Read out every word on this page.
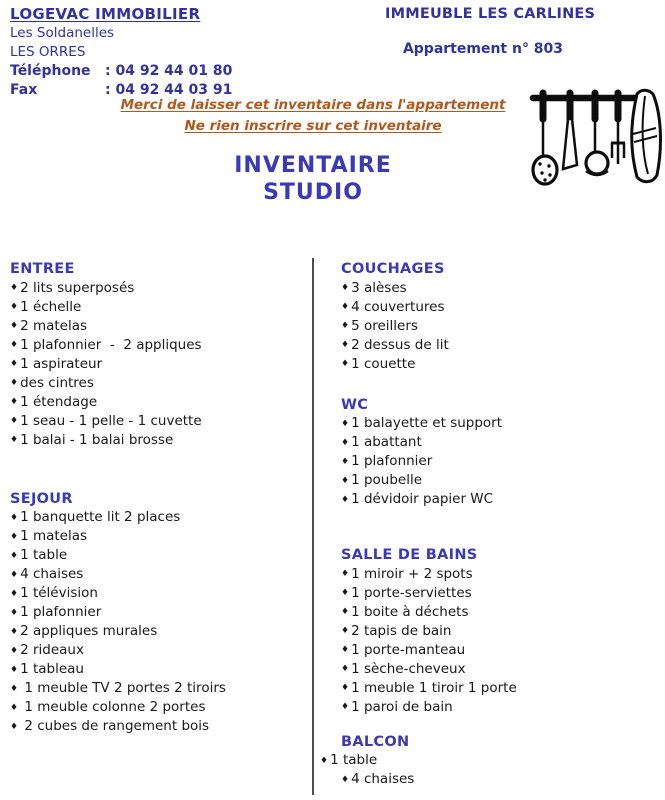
LOGEVAC IMMOBILIER
Les Soldanelles
LES ORRES
Téléphone : 04 92 44 01 80
Fax	: 04 92 44 03 91
IMMEUBLE LES CARLINES
Appartement n° 803
Merci de laisser cet inventaire dans l'appartement
Ne rien inscrire sur cet inventaire
INVENTAIRE
STUDIO
ENTREE
♦ 2 lits superposés
♦ 1 échelle
♦ 2 matelas
♦ 1 plafonnier  -  2 appliques
♦ 1 aspirateur
♦ des cintres
♦ 1 étendage
♦ 1 seau - 1 pelle - 1 cuvette
♦ 1 balai - 1 balai brosse
SEJOUR
♦ 1 banquette lit 2 places
♦ 1 matelas
♦ 1 table
♦ 4 chaises
♦ 1 télévision
♦ 1 plafonnier
♦ 2 appliques murales
♦ 2 rideaux
♦ 1 tableau
♦ 1 meuble TV 2 portes 2 tiroirs
♦ 1 meuble colonne 2 portes
♦ 2 cubes de rangement bois
COUCHAGES
♦ 3 alèses
♦ 4 couvertures
♦ 5 oreillers
♦ 2 dessus de lit
♦ 1 couette
WC
♦ 1 balayette et support
♦ 1 abattant
♦ 1 plafonnier
♦ 1 poubelle
♦ 1 dévidoir papier WC
SALLE DE BAINS
♦ 1 miroir + 2 spots
♦ 1 porte-serviettes
♦ 1 boite à déchets
♦ 2 tapis de bain
♦ 1 porte-manteau
♦ 1 sèche-cheveux
♦ 1 meuble 1 tiroir 1 porte
♦ 1 paroi de bain
BALCON
♦ 1 table
♦ 4 chaises
